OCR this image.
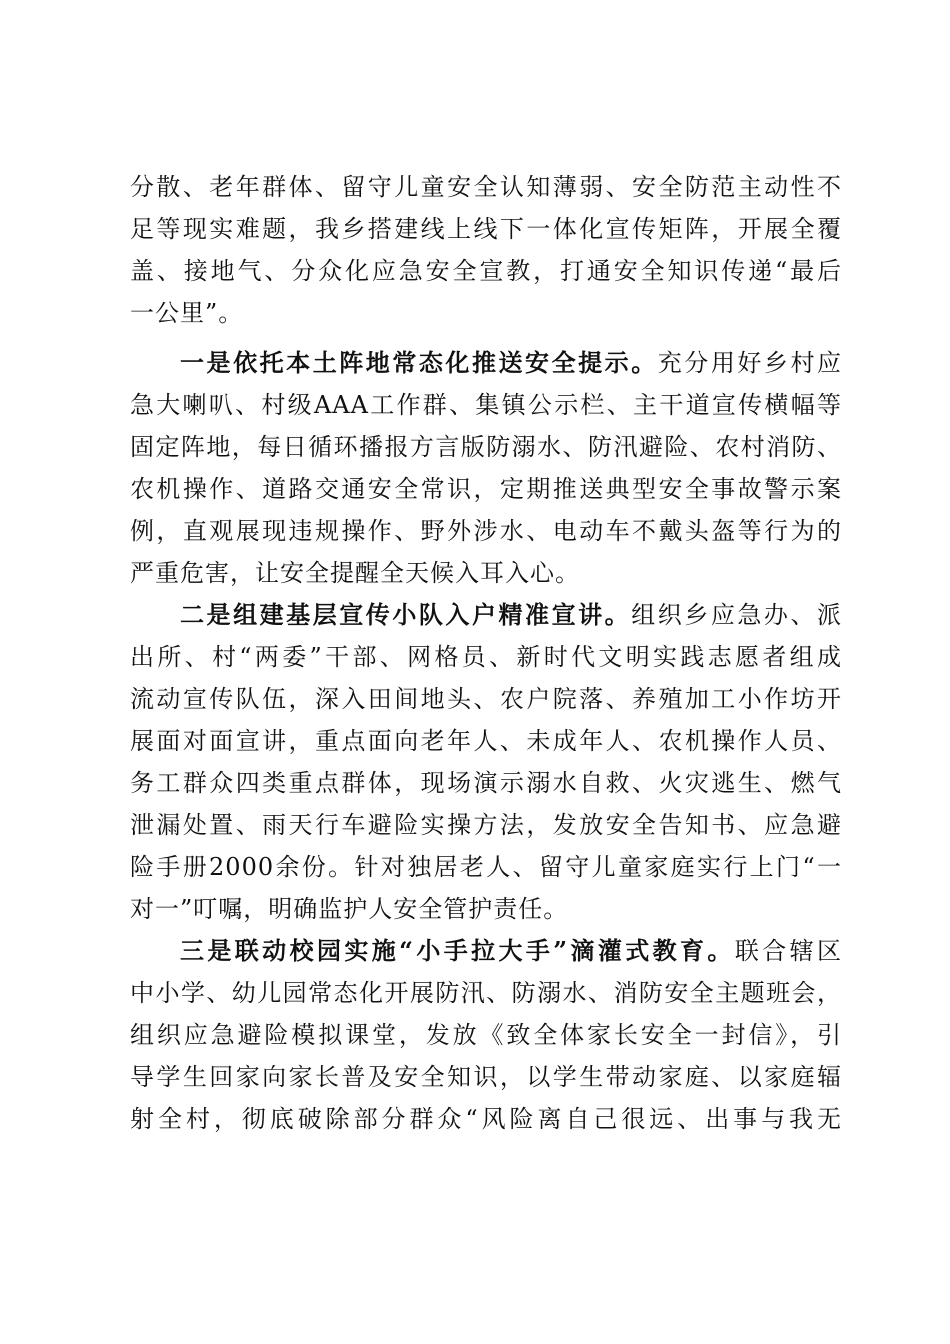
分散、老年群体、留守儿童安全认知薄弱、安全防范主动性不
足等现实难题，我乡搭建线上线下一体化宣传矩阵，开展全覆
盖、接地气、分众化应急安全宣教，打通安全知识传递“最后
一公里”。
一是依托本土阵地常态化推送安全提示。充分用好乡村应
急大喇叭、村级AAA工作群、集镇公示栏、主干道宣传横幅等
固定阵地，每日循环播报方言版防溺水、防汛避险、农村消防、
农机操作、道路交通安全常识，定期推送典型安全事故警示案
例，直观展现违规操作、野外涉水、电动车不戴头盔等行为的
严重危害，让安全提醒全天候入耳入心。
二是组建基层宣传小队入户精准宣讲。组织乡应急办、派
出所、村“两委”干部、网格员、新时代文明实践志愿者组成
流动宣传队伍，深入田间地头、农户院落、养殖加工小作坊开
展面对面宣讲，重点面向老年人、未成年人、农机操作人员、
务工群众四类重点群体，现场演示溺水自救、火灾逃生、燃气
泄漏处置、雨天行车避险实操方法，发放安全告知书、应急避
险手册2000余份。针对独居老人、留守儿童家庭实行上门“一
对一”叮嘱，明确监护人安全管护责任。
三是联动校园实施“小手拉大手”滴灌式教育。联合辖区
中小学、幼儿园常态化开展防汛、防溺水、消防安全主题班会，
组织应急避险模拟课堂，发放《致全体家长安全一封信》，引
导学生回家向家长普及安全知识，以学生带动家庭、以家庭辐
射全村，彻底破除部分群众“风险离自己很远、出事与我无
